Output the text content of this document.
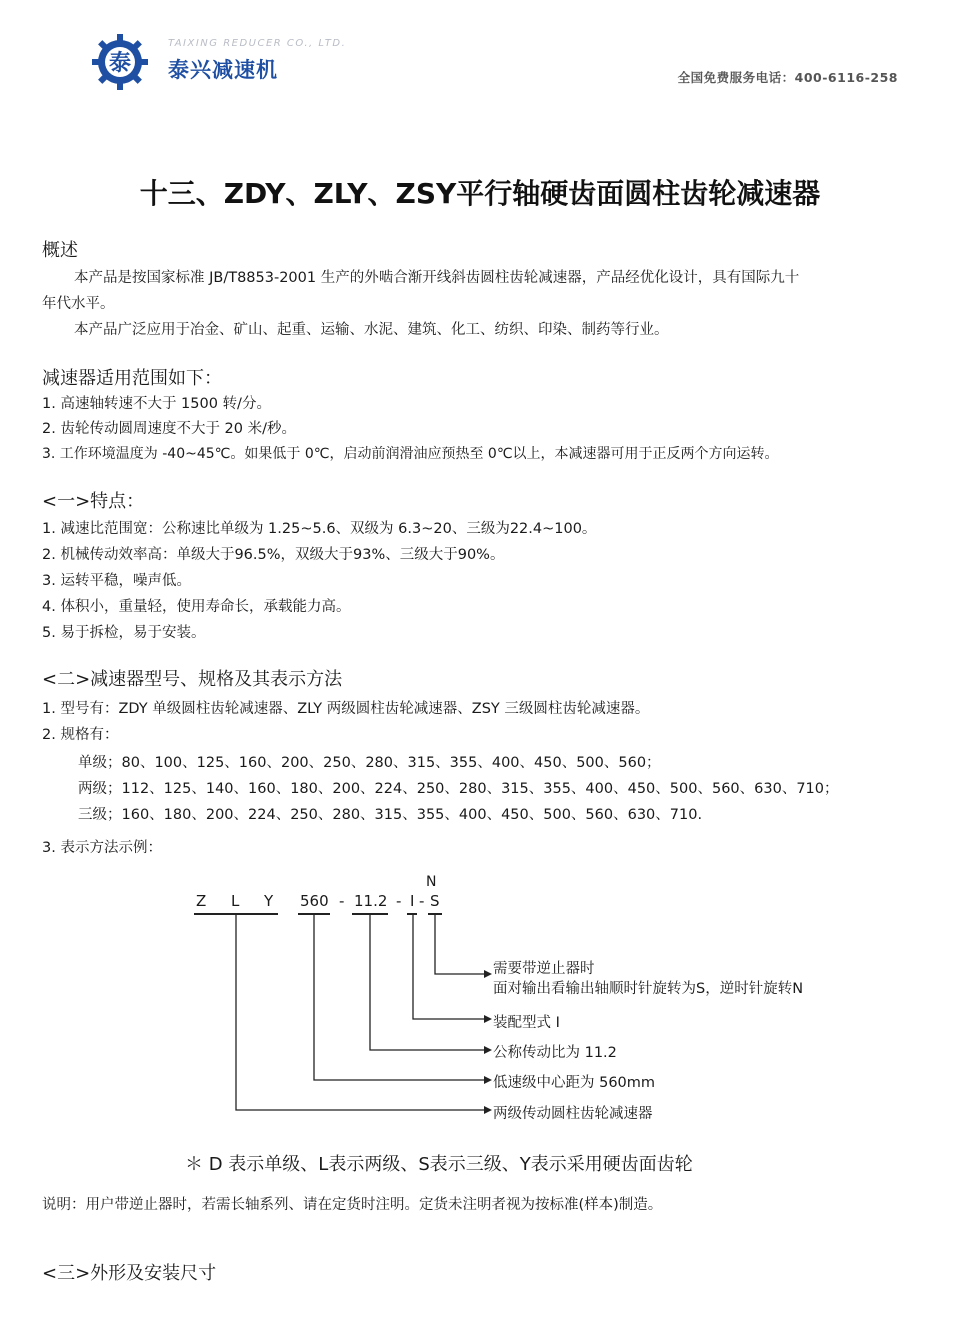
泰
TAIXING REDUCER CO., LTD.
泰兴减速机	全国免费服务电话：400-6116-258
十三、ZDY、ZLY、ZSY平行轴硬齿面圆柱齿轮减速器
概述
本产品是按国家标准 JB/T8853-2001 生产的外啮合渐开线斜齿圆柱齿轮减速器，产品经优化设计，具有国际九十
年代水平。
本产品广泛应用于冶金、矿山、起重、运输、水泥、建筑、化工、纺织、印染、制药等行业。
减速器适用范围如下：
1. 高速轴转速不大于 1500 转/分。
2. 齿轮传动圆周速度不大于 20 米/秒。
3. 工作环境温度为 -40~45℃。如果低于 0℃，启动前润滑油应预热至 0℃以上，本减速器可用于正反两个方向运转。
<一>特点：
1. 减速比范围宽：公称速比单级为 1.25~5.6、双级为 6.3~20、三级为22.4~100。
2. 机械传动效率高：单级大于96.5%，双级大于93%、三级大于90%。
3. 运转平稳，噪声低。
4. 体积小，重量轻，使用寿命长，承载能力高。
5. 易于拆检，易于安装。
<二>减速器型号、规格及其表示方法
1. 型号有：ZDY 单级圆柱齿轮减速器、ZLY 两级圆柱齿轮减速器、ZSY 三级圆柱齿轮减速器。
2. 规格有：
单级；80、100、125、160、200、250、280、315、355、400、450、500、560；
两级；112、125、140、160、180、200、224、250、280、315、355、400、450、500、560、630、710；
三级；160、180、200、224、250、280、315、355、400、450、500、560、630、710.
3. 表示方法示例：
N
Z L Y 560 - 11.2 - I - S
需要带逆止器时
面对输出看输出轴顺时针旋转为S，逆时针旋转N
装配型式 I
公称传动比为 11.2
低速级中心距为 560mm
两级传动圆柱齿轮减速器
＊ D 表示单级、L表示两级、S表示三级、Y表示采用硬齿面齿轮
说明：用户带逆止器时，若需长轴系列、请在定货时注明。定货未注明者视为按标准(样本)制造。
<三>外形及安装尺寸
